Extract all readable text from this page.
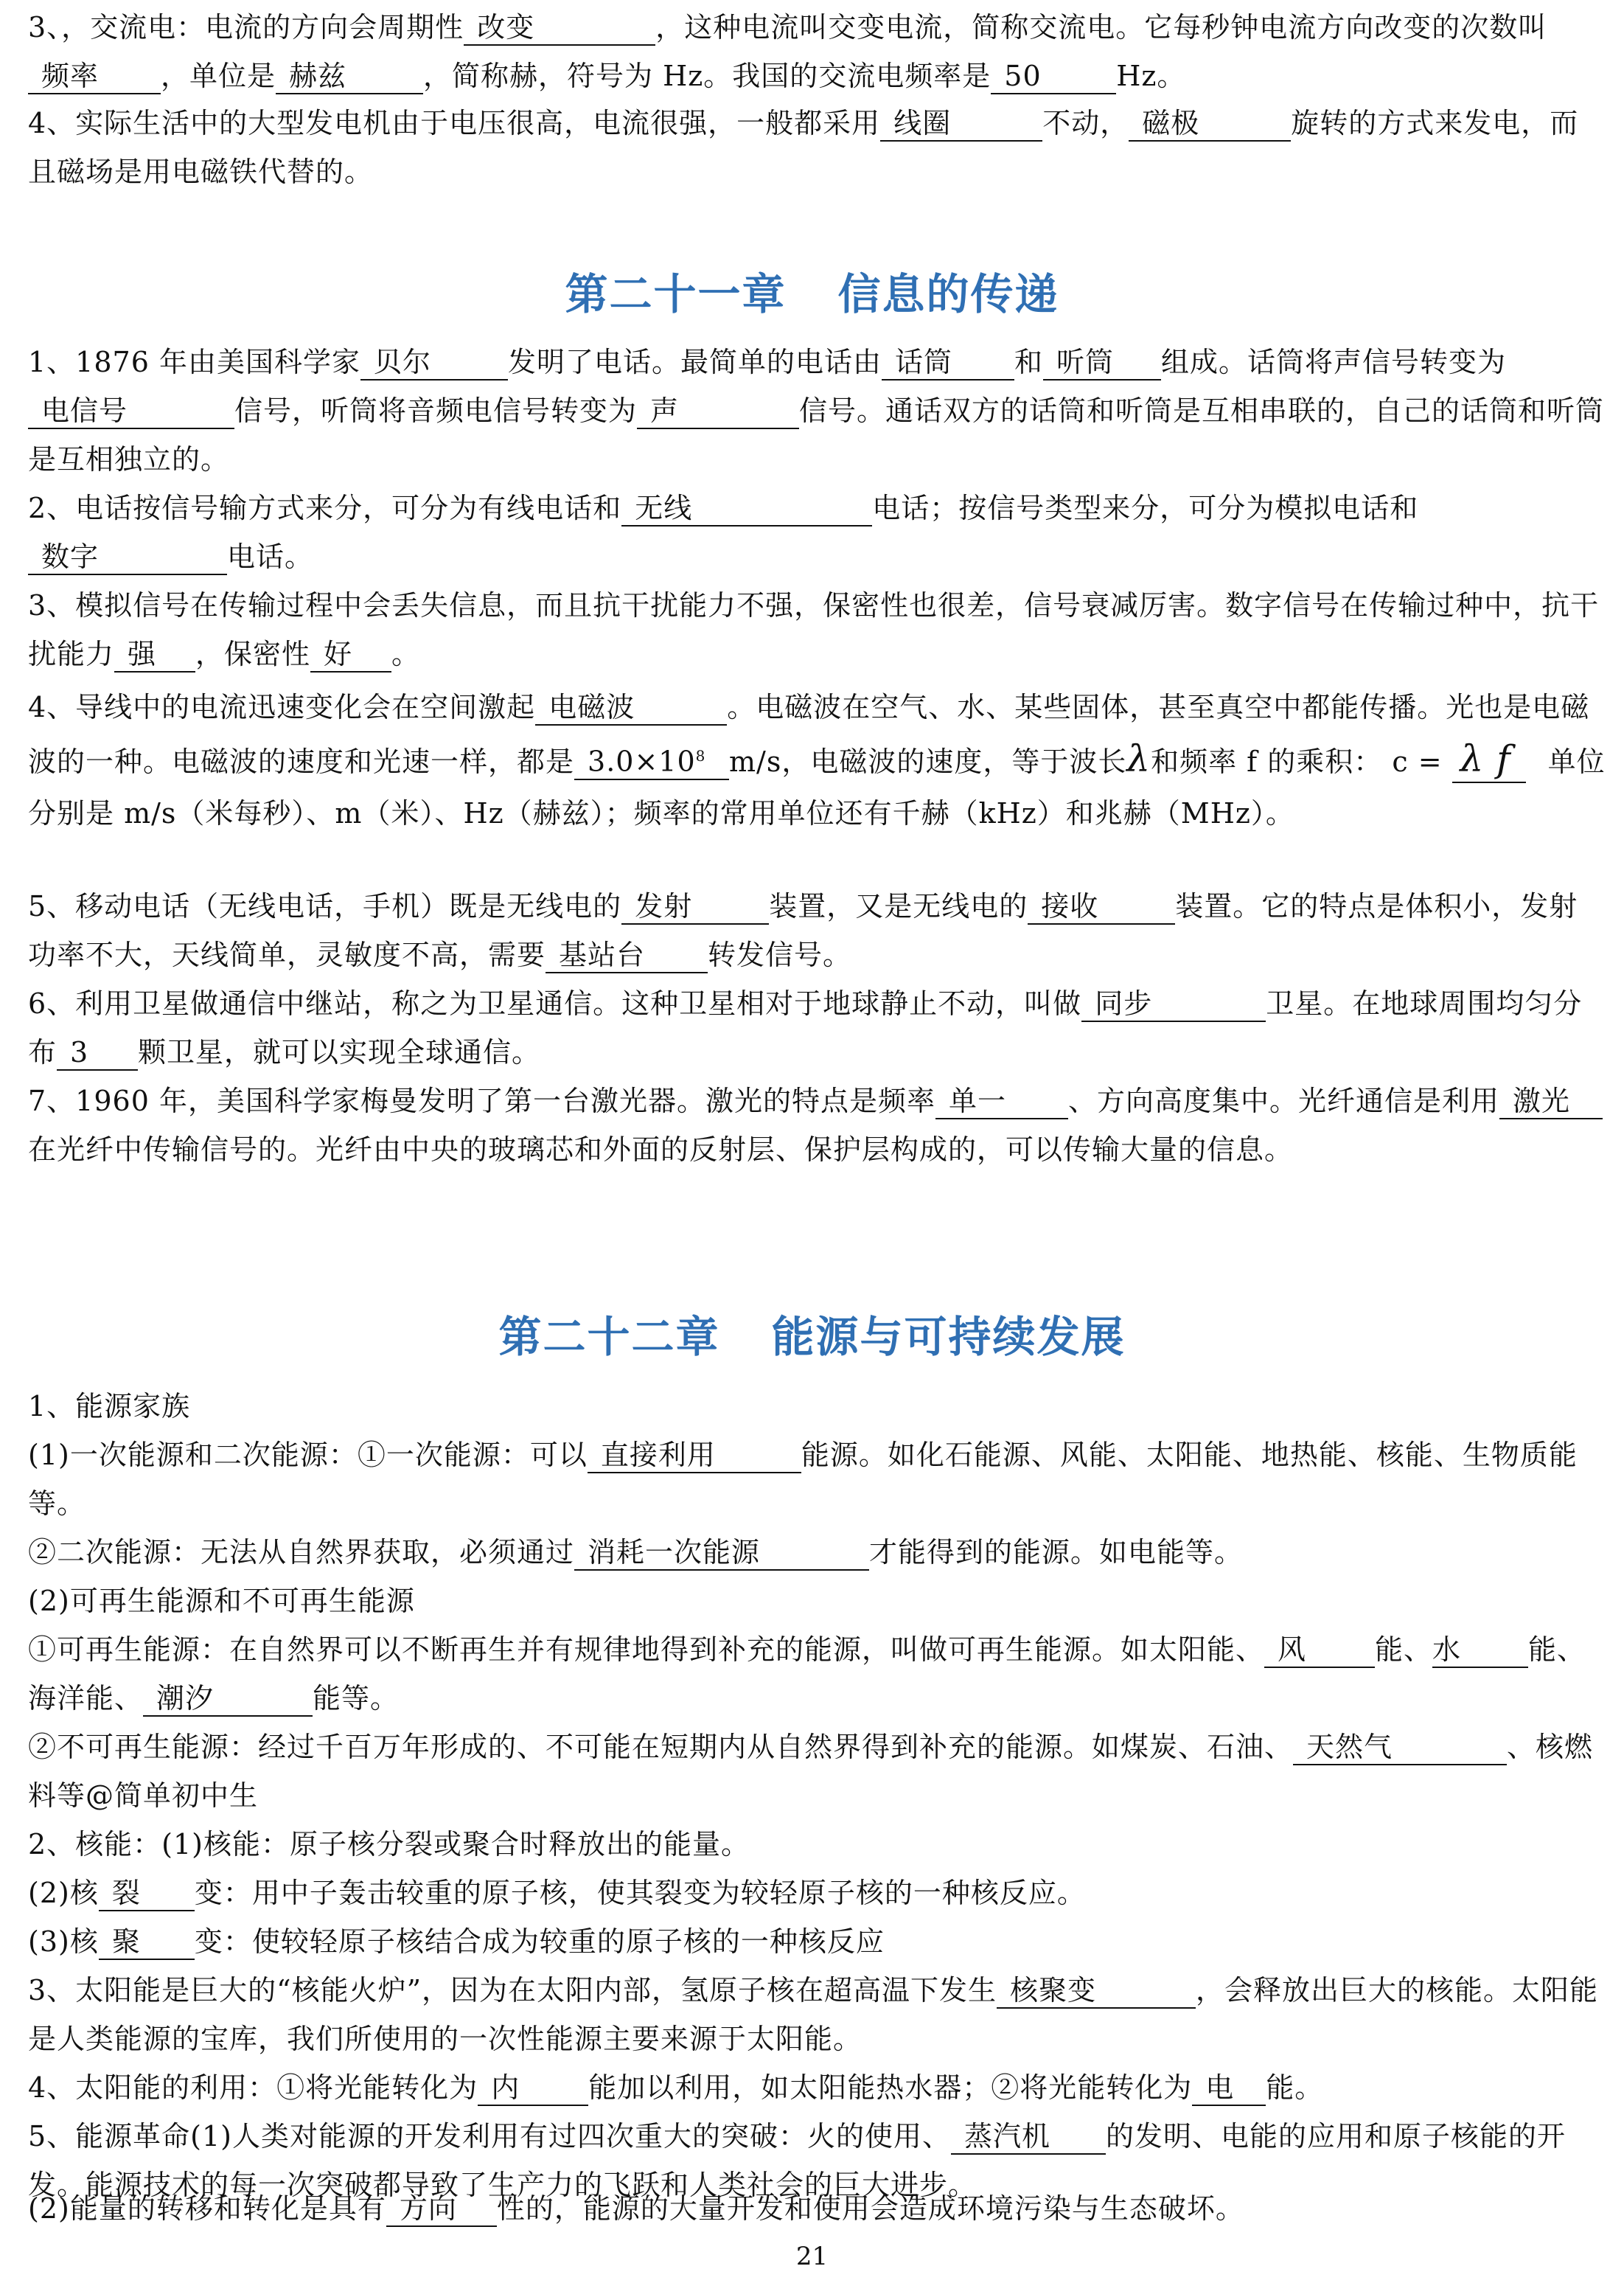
3、，交流电：电流的方向会周期性 改变	，这种电流叫交变电流，简称交流电。它每秒钟电流方向改变的次数叫频率 ，单位是 赫兹	，简称赫，符号为 Hz。我国的交流电频率是 50	Hz。

4、实际生活中的大型发电机由于电压很高，电流很强，一般都采用 线圈	不动， 磁极	旋转的方式来发电，而且磁场是用电磁铁代替的。

第二十一章 信息的传递

1、1876 年由美国科学家 贝尔	发明了电话。最简单的电话由 话筒 和 听筒 组成。话筒将声信号转变为电信号	信号，听筒将音频电信号转变为 声	信号。通话双方的话筒和听筒是互相串联的，自己的话筒和听筒是互相独立的。

2、电话按信号输方式来分，可分为有线电话和 无线	电话；按信号类型来分，可分为模拟电话和数字	电话。

3、模拟信号在传输过程中会丢失信息，而且抗干扰能力不强，保密性也很差，信号衰减厉害。数字信号在传输过种中，抗干扰能力 强 ，保密性 好 。

4、导线中的电流迅速变化会在空间激起 电磁波	。电磁波在空气、水、某些固体，甚至真空中都能传播。光也是电磁波的一种。电磁波的速度和光速一样，都是 $3.0\times 10^8$ m/s，电磁波的速度，等于波长λ和频率 f 的乘积： c = λ f 单位分别是 m/s（米每秒）、m（米）、Hz（赫兹）；频率的常用单位还有千赫（kHz）和兆赫（MHz）。

5、移动电话（无线电话，手机）既是无线电的 发射	装置，又是无线电的 接收	装置。它的特点是体积小，发射功率不大，天线简单，灵敏度不高，需要 基站台 转发信号。

6、利用卫星做通信中继站，称之为卫星通信。这种卫星相对于地球静止不动，叫做 同步	卫星。在地球周围均匀分布 3 颗卫星，就可以实现全球通信。

7、1960 年，美国科学家梅曼发明了第一台激光器。激光的特点是频率 单一 、方向高度集中。光纤通信是利用 激光在光纤中传输信号的。光纤由中央的玻璃芯和外面的反射层、保护层构成的，可以传输大量的信息。

第二十二章 能源与可持续发展

1、能源家族

(1)一次能源和二次能源：①一次能源：可以 直接利用	能源。如化石能源、风能、太阳能、地热能、核能、生物质能等。

②二次能源：无法从自然界获取，必须通过 消耗一次能源	才能得到的能源。如电能等。

(2)可再生能源和不可再生能源

①可再生能源：在自然界可以不断再生并有规律地得到补充的能源，叫做可再生能源。如太阳能、 风 能、水 能、海洋能、 潮汐	能等。

②不可再生能源：经过千百万年形成的、不可能在短期内从自然界得到补充的能源。如煤炭、石油、 天然气	、核燃料等@简单初中生

2、核能：(1)核能：原子核分裂或聚合时释放出的能量。

(2)核 裂 变：用中子轰击较重的原子核，使其裂变为较轻原子核的一种核反应。

(3)核 聚 变：使较轻原子核结合成为较重的原子核的一种核反应

3、太阳能是巨大的“核能火炉”，因为在太阳内部，氢原子核在超高温下发生 核聚变	，会释放出巨大的核能。太阳能是人类能源的宝库，我们所使用的一次性能源主要来源于太阳能。

4、太阳能的利用：①将光能转化为 内 能加以利用，如太阳能热水器；②将光能转化为 电 能。

5、能源革命(1)人类对能源的开发利用有过四次重大的突破：火的使用、 蒸汽机 的发明、电能的应用和原子核能的开发。能源技术的每一次突破都导致了生产力的飞跃和人类社会的巨大进步。

(2)能量的转移和转化是具有 方向 性的，能源的大量开发和使用会造成环境污染与生态破坏。

21
